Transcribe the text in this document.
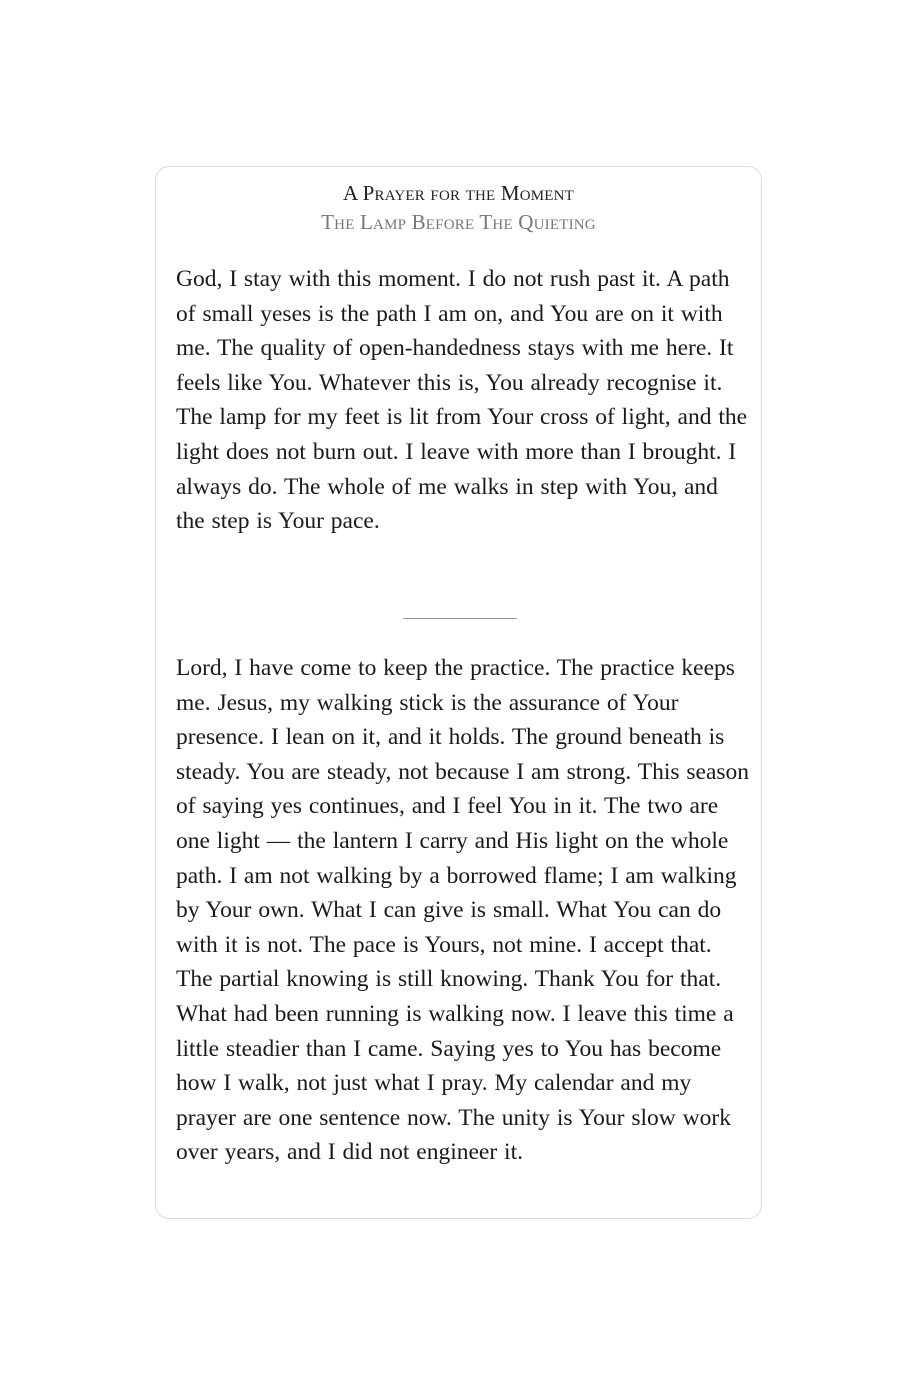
A Prayer for the Moment
The Lamp Before The Quieting

God, I stay with this moment. I do not rush past it. A path of small yeses is the path I am on, and You are on it with me. The quality of open-handedness stays with me here. It feels like You. Whatever this is, You already recognise it. The lamp for my feet is lit from Your cross of light, and the light does not burn out. I leave with more than I brought. I always do. The whole of me walks in step with You, and the step is Your pace.

Lord, I have come to keep the practice. The practice keeps me. Jesus, my walking stick is the assurance of Your presence. I lean on it, and it holds. The ground beneath is steady. You are steady, not because I am strong. This season of saying yes continues, and I feel You in it. The two are one light — the lantern I carry and His light on the whole path. I am not walking by a borrowed flame; I am walking by Your own. What I can give is small. What You can do with it is not. The pace is Yours, not mine. I accept that. The partial knowing is still knowing. Thank You for that. What had been running is walking now. I leave this time a little steadier than I came. Saying yes to You has become how I walk, not just what I pray. My calendar and my prayer are one sentence now. The unity is Your slow work over years, and I did not engineer it.
